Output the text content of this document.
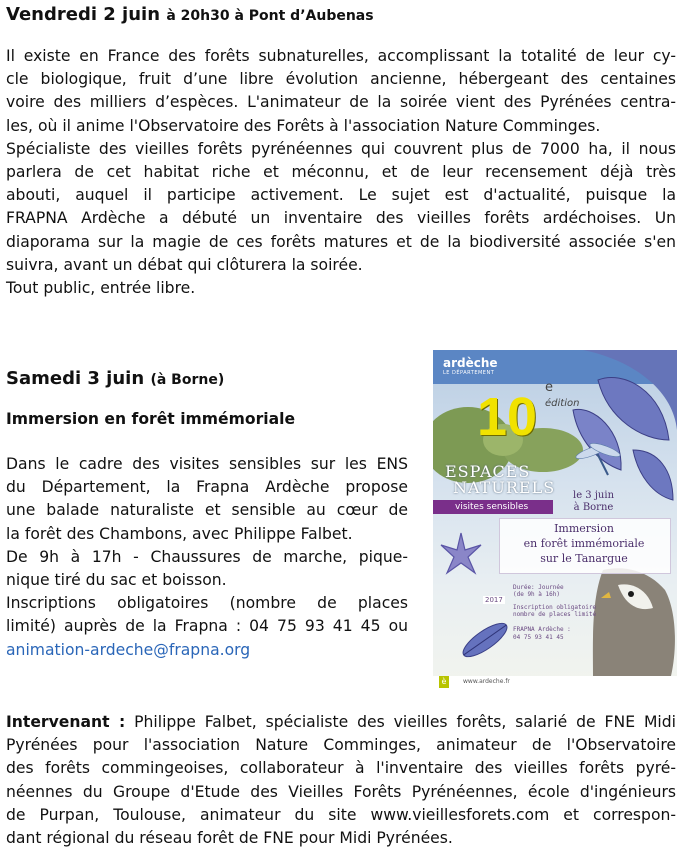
Vendredi 2 juin à 20h30 à Pont d’Aubenas
Il existe en France des forêts subnaturelles, accomplissant la totalité de leur cy-
cle biologique, fruit d’une libre évolution ancienne, hébergeant des centaines
voire des milliers d’espèces. L'animateur de la soirée vient des Pyrénées centra-
les, où il anime l'Observatoire des Forêts à l'association Nature Comminges.
Spécialiste des vieilles forêts pyrénéennes qui couvrent plus de 7000 ha, il nous
parlera de cet habitat riche et méconnu, et de leur recensement déjà très
abouti, auquel il participe activement. Le sujet est d'actualité, puisque la
FRAPNA Ardèche a débuté un inventaire des vieilles forêts ardéchoises. Un
diaporama sur la magie de ces forêts matures et de la biodiversité associée s'en
suivra, avant un débat qui clôturera la soirée.
Tout public, entrée libre.
Samedi 3 juin (à Borne)
Immersion en forêt immémoriale
Dans le cadre des visites sensibles sur les ENS
du Département, la Frapna Ardèche propose
une balade naturaliste et sensible au cœur de
la forêt des Chambons, avec Philippe Falbet.
De 9h à 17h - Chaussures de marche, pique-
nique tiré du sac et boisson.
Inscriptions obligatoires (nombre de places
limité) auprès de la Frapna : 04 75 93 41 45 ou
animation-ardeche@frapna.org
ardèche
LE DÉPARTEMENT
10 e
édition
ESPACES
NATURELS
visites sensibles
le 3 juin
à Borne
Immersion
en forêt immémoriale
sur le Tanargue
Durée: Journée
(de 9h à 16h)
Inscription obligatoire
nombre de places limité
FRAPNA Ardèche :
04 75 93 41 45
2017
è	www.ardeche.fr
Intervenant : Philippe Falbet, spécialiste des vieilles forêts, salarié de FNE Midi
Pyrénées pour l'association Nature Comminges, animateur de l'Observatoire
des forêts commingeoises, collaborateur à l'inventaire des vieilles forêts pyré-
néennes du Groupe d'Etude des Vieilles Forêts Pyrénéennes, école d'ingénieurs
de Purpan, Toulouse, animateur du site www.vieillesforets.com et correspon-
dant régional du réseau forêt de FNE pour Midi Pyrénées.
